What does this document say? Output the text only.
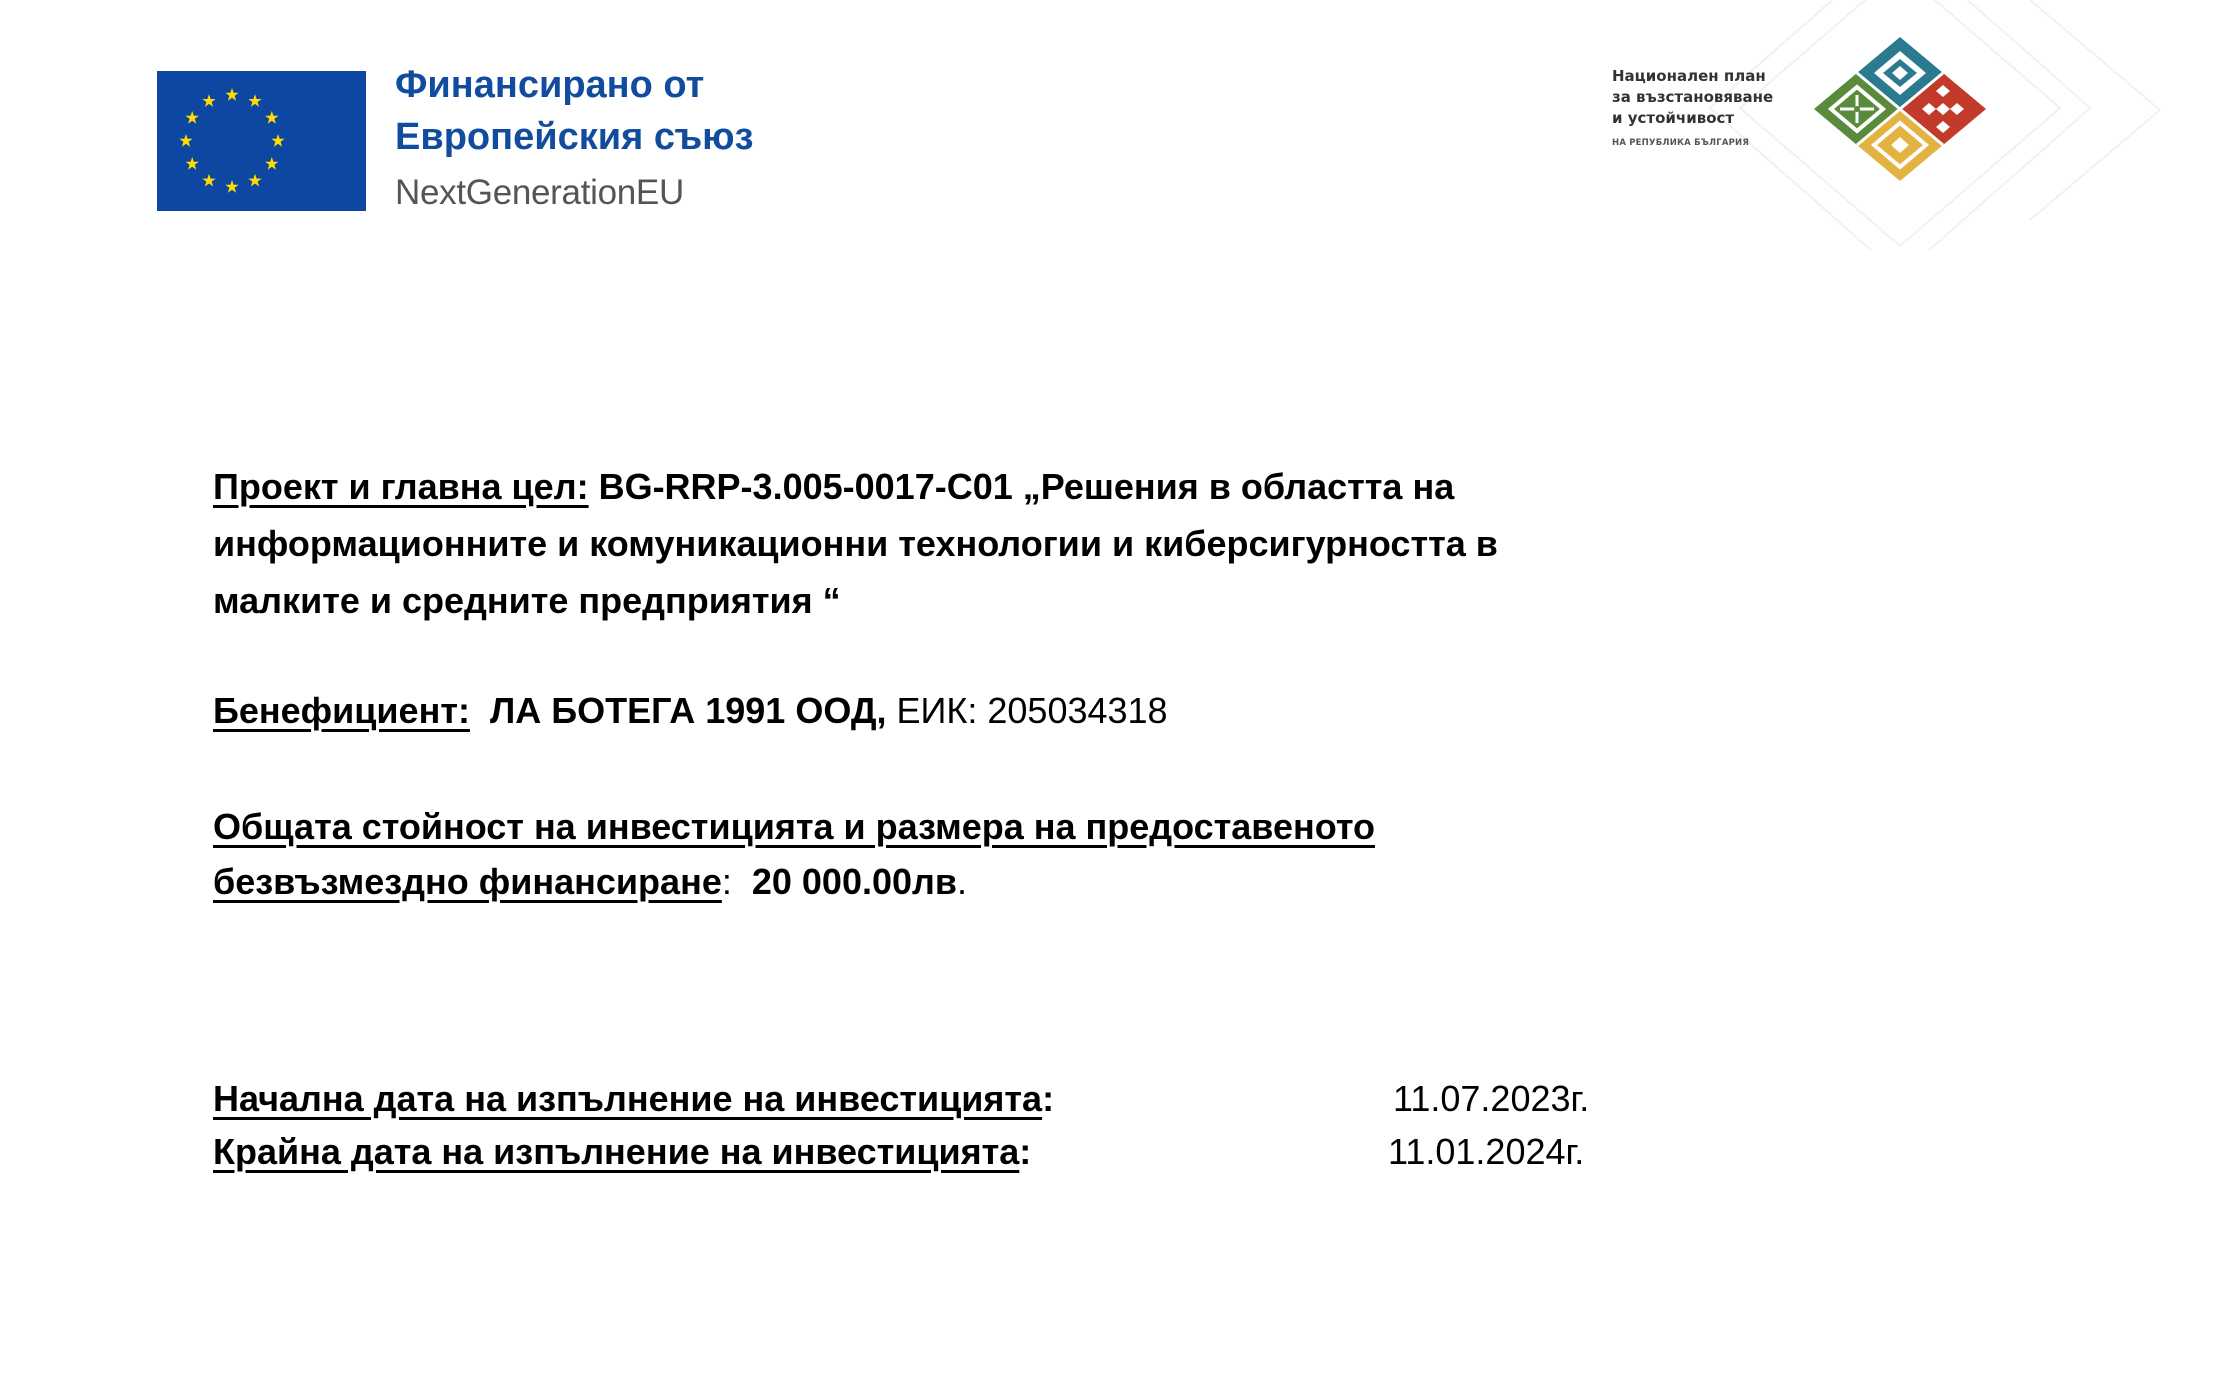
Финансирано от
Европейския съюз
NextGenerationEU
Национален план
за възстановяване
и устойчивост
НА РЕПУБЛИКА БЪЛГАРИЯ
Проект и главна цел: BG-RRP-3.005-0017-C01 „Решения в областта на
информационните и комуникационни технологии и киберсигурността в
малките и средните предприятия “
Бенефициент:  ЛА БОТЕГА 1991 ООД, ЕИК: 205034318
Общата стойност на инвестицията и размера на предоставеното
безвъзмездно финансиране:  20 000.00лв.
Начална дата на изпълнение на инвестицията:	11.07.2023г.
Крайна дата на изпълнение на инвестицията:	11.01.2024г.
